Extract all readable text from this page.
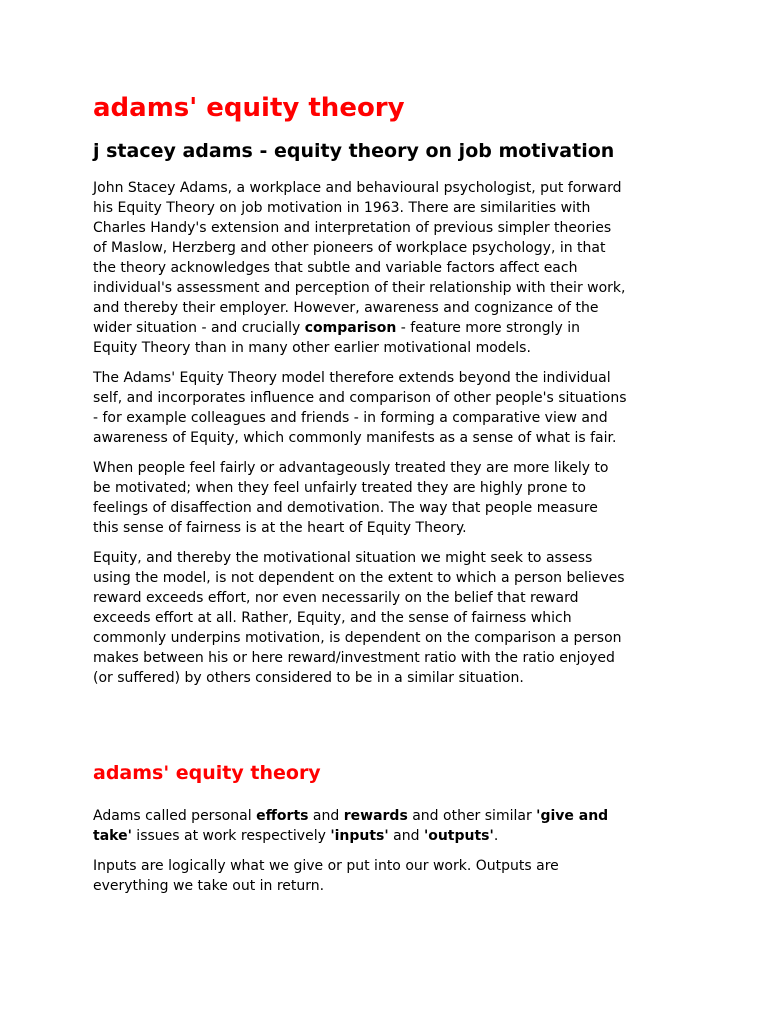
adams' equity theory
j stacey adams - equity theory on job motivation

John Stacey Adams, a workplace and behavioural psychologist, put forward
his Equity Theory on job motivation in 1963. There are similarities with
Charles Handy's extension and interpretation of previous simpler theories
of Maslow, Herzberg and other pioneers of workplace psychology, in that
the theory acknowledges that subtle and variable factors affect each
individual's assessment and perception of their relationship with their work,
and thereby their employer. However, awareness and cognizance of the
wider situation - and crucially comparison - feature more strongly in
Equity Theory than in many other earlier motivational models.

The Adams' Equity Theory model therefore extends beyond the individual
self, and incorporates influence and comparison of other people's situations
- for example colleagues and friends - in forming a comparative view and
awareness of Equity, which commonly manifests as a sense of what is fair.

When people feel fairly or advantageously treated they are more likely to
be motivated; when they feel unfairly treated they are highly prone to
feelings of disaffection and demotivation. The way that people measure
this sense of fairness is at the heart of Equity Theory.

Equity, and thereby the motivational situation we might seek to assess
using the model, is not dependent on the extent to which a person believes
reward exceeds effort, nor even necessarily on the belief that reward
exceeds effort at all. Rather, Equity, and the sense of fairness which
commonly underpins motivation, is dependent on the comparison a person
makes between his or here reward/investment ratio with the ratio enjoyed
(or suffered) by others considered to be in a similar situation.

adams' equity theory

Adams called personal efforts and rewards and other similar 'give and
take' issues at work respectively 'inputs' and 'outputs'.

Inputs are logically what we give or put into our work. Outputs are
everything we take out in return.
